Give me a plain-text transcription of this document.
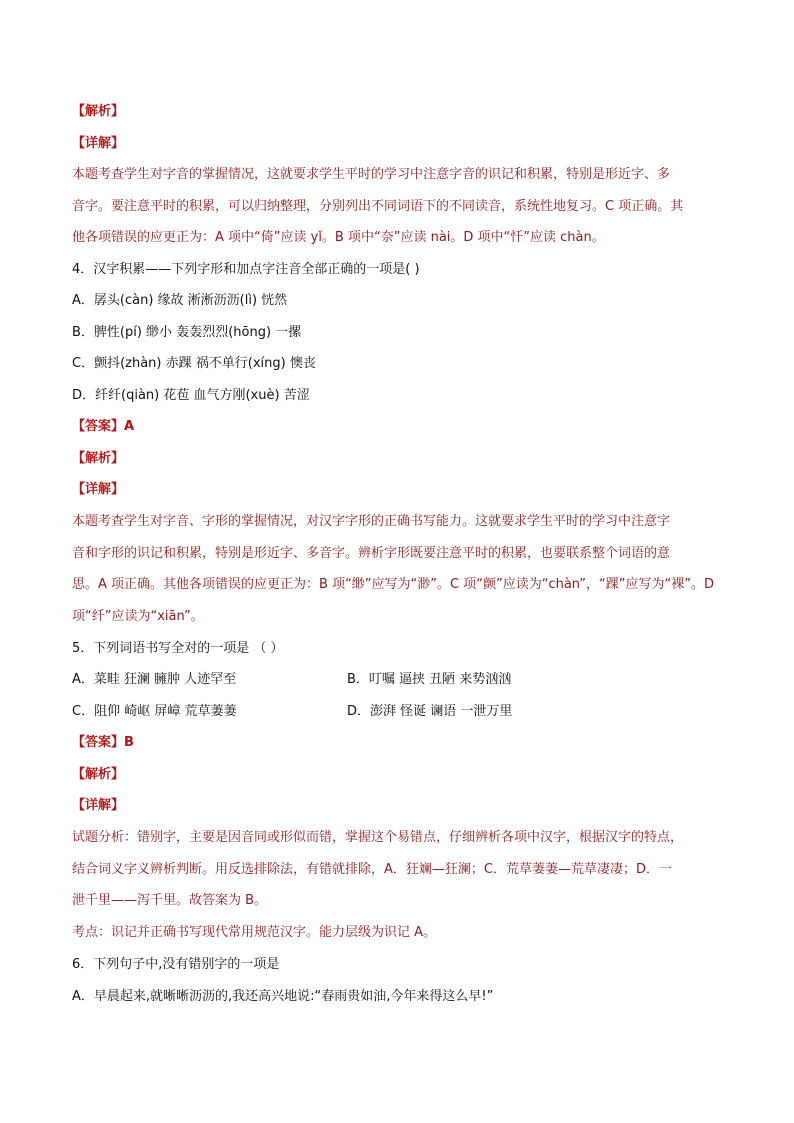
【解析】
【详解】
本题考查学生对字音的掌握情况，这就要求学生平时的学习中注意字音的识记和积累，特别是形近字、多
音字。要注意平时的积累，可以归纳整理，分别列出不同词语下的不同读音，系统性地复习。C 项正确。其
他各项错误的应更正为：A 项中“倚”应读 yǐ。B 项中“奈”应读 nài。D 项中“忏”应读 chàn。
4．汉字积累——下列字形和加点字注音全部正确的一项是( )
A．孱头(càn) 缘故 淅淅沥沥(lì) 恍然
B．脾性(pí) 缈小 轰轰烈烈(hōng) 一摞
C．颤抖(zhàn) 赤踝 祸不单行(xíng) 懊丧
D．纤纤(qiàn) 花苞 血气方刚(xuè) 苦涩
【答案】A
【解析】
【详解】
本题考查学生对字音、字形的掌握情况，对汉字字形的正确书写能力。这就要求学生平时的学习中注意字
音和字形的识记和积累，特别是形近字、多音字。辨析字形既要注意平时的积累，也要联系整个词语的意
思。A 项正确。其他各项错误的应更正为：B 项“缈”应写为“渺”。C 项“颤”应读为“chàn”，“踝”应写为“裸”。D
项“纤”应读为“xiān”。
5．下列词语书写全对的一项是 （ ）
A．菜畦 狂澜 臃肿 人迹罕至	B．叮嘱 逼挟 丑陋 来势汹汹
C．阻仰 崎岖 屏嶂 荒草萋萋	D．澎湃 怪诞 谰语 一泄万里
【答案】B
【解析】
【详解】
试题分析：错别字，主要是因音同或形似而错，掌握这个易错点，仔细辨析各项中汉字，根据汉字的特点，
结合词义字义辨析判断。用反选排除法，有错就排除，A．狂斓—狂澜；C．荒草萋萋—荒草凄凄；D．一
泄千里——泻千里。故答案为 B。
考点：识记并正确书写现代常用规范汉字。能力层级为识记 A。
6．下列句子中,没有错别字的一项是
A．早晨起来,就晰晰沥沥的,我还高兴地说:“春雨贵如油,今年来得这么早!”
